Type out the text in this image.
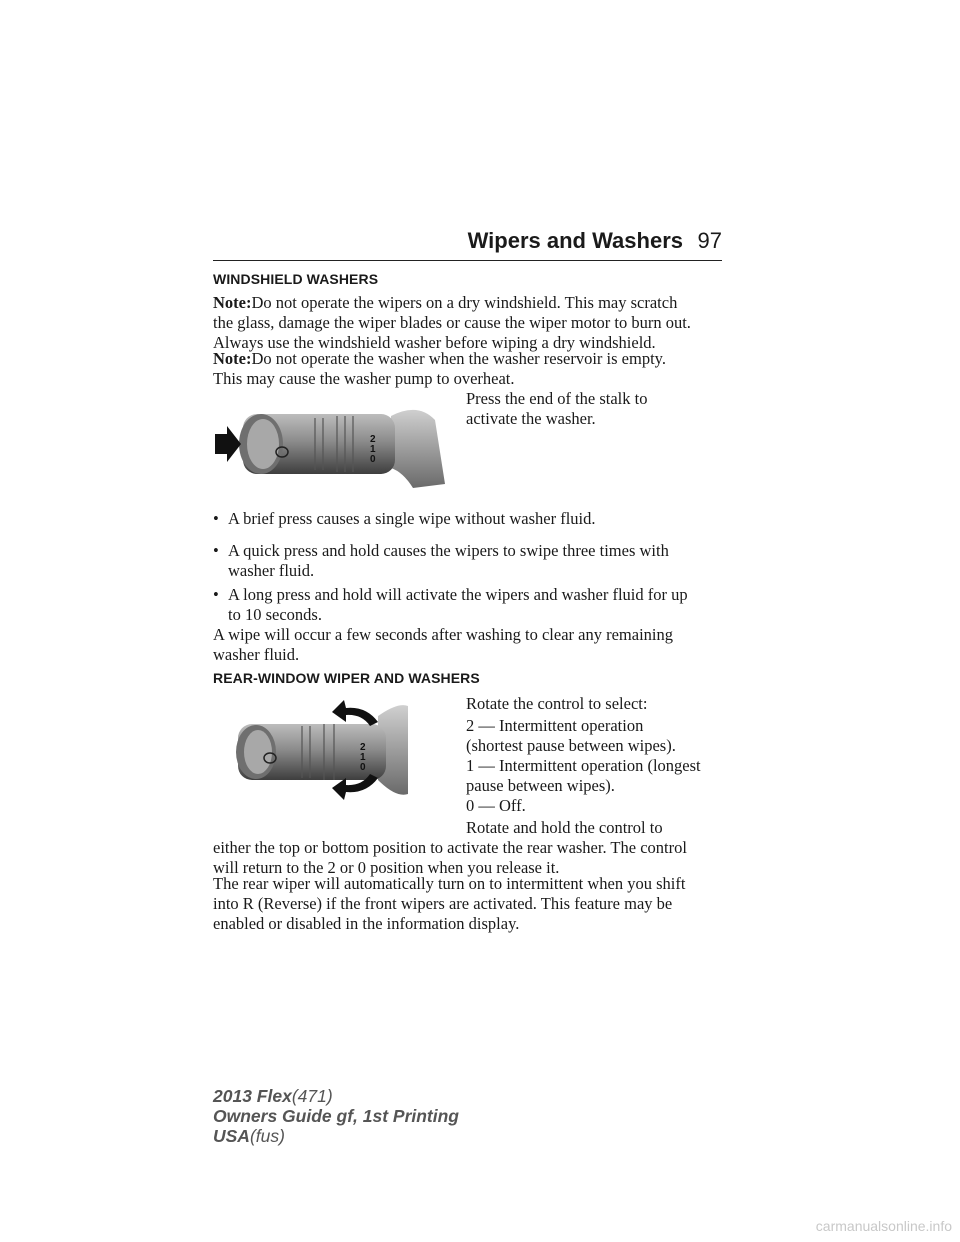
Wipers and Washers 97
WINDSHIELD WASHERS
Note:Do not operate the wipers on a dry windshield. This may scratch
the glass, damage the wiper blades or cause the wiper motor to burn out.
Always use the windshield washer before wiping a dry windshield.
Note:Do not operate the washer when the washer reservoir is empty.
This may cause the washer pump to overheat.
Press the end of the stalk to
activate the washer.
2
1
0
• A brief press causes a single wipe without washer fluid.
• A quick press and hold causes the wipers to swipe three times with
washer fluid.
• A long press and hold will activate the wipers and washer fluid for up
to 10 seconds.
A wipe will occur a few seconds after washing to clear any remaining
washer fluid.
REAR-WINDOW WIPER AND WASHERS
Rotate the control to select:
2 — Intermittent operation
(shortest pause between wipes).
1 — Intermittent operation (longest
pause between wipes).
0 — Off.
2
1
0
Rotate and hold the control to
either the top or bottom position to activate the rear washer. The control
will return to the 2 or 0 position when you release it.
The rear wiper will automatically turn on to intermittent when you shift
into R (Reverse) if the front wipers are activated. This feature may be
enabled or disabled in the information display.
2013 Flex(471)
Owners Guide gf, 1st Printing
USA(fus)
carmanualsonline.info
